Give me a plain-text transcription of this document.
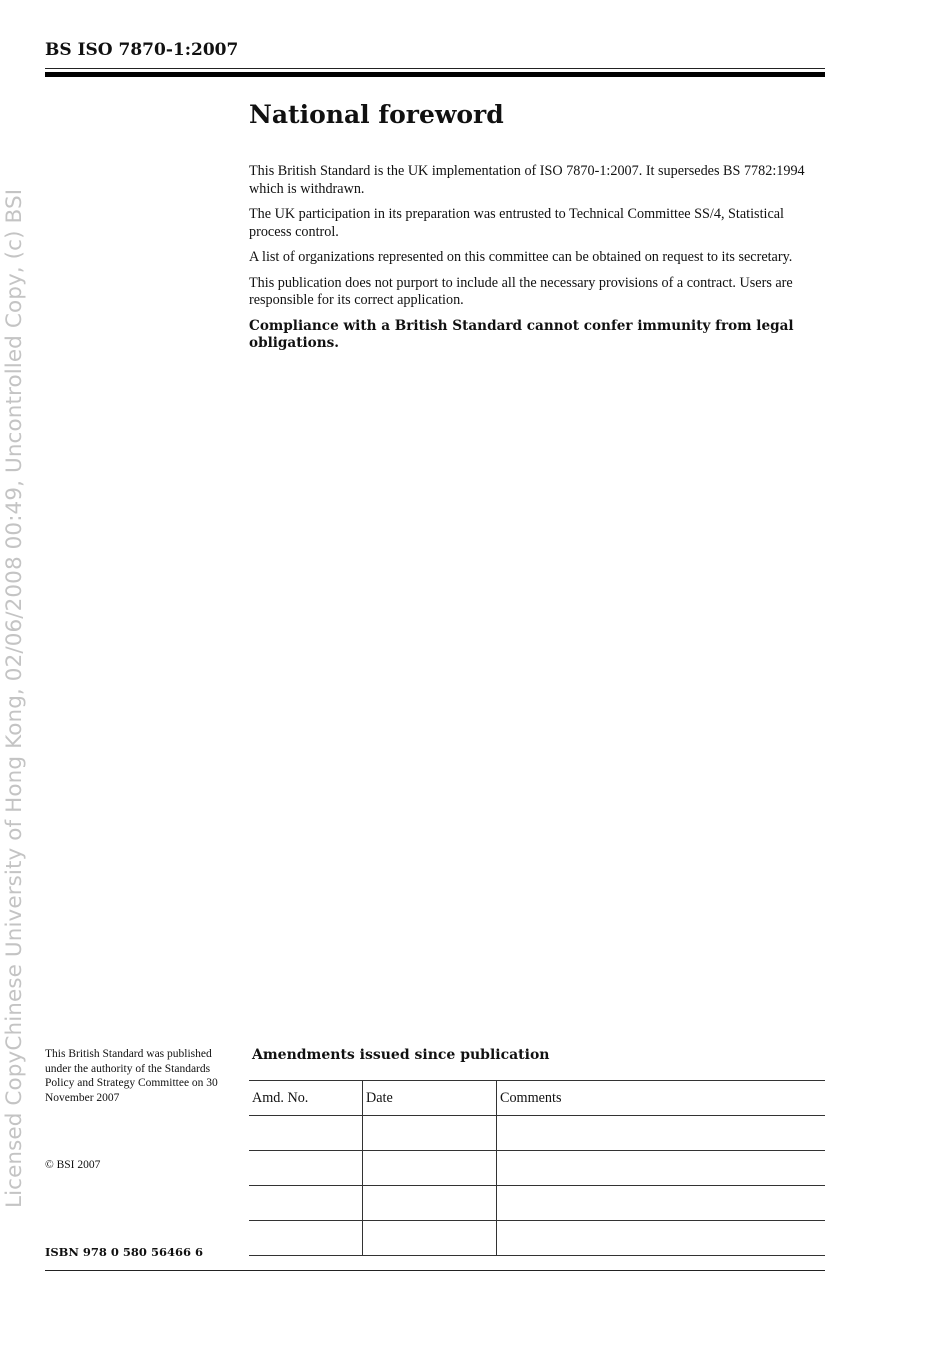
BS ISO 7870-1:2007
Licensed CopyChinese University of Hong Kong, 02/06/2008 00:49, Uncontrolled Copy, (c) BSI
National foreword

This British Standard is the UK implementation of ISO 7870-1:2007. It supersedes BS 7782:1994 which is withdrawn.

The UK participation in its preparation was entrusted to Technical Committee SS/4, Statistical process control.

A list of organizations represented on this committee can be obtained on request to its secretary.

This publication does not purport to include all the necessary provisions of a contract. Users are responsible for its correct application.

Compliance with a British Standard cannot confer immunity from legal obligations.

This British Standard was published under the authority of the Standards Policy and Strategy Committee on 30 November 2007
© BSI 2007
ISBN 978 0 580 56466 6
Amendments issued since publication
Amd. No.	Date	Comments
